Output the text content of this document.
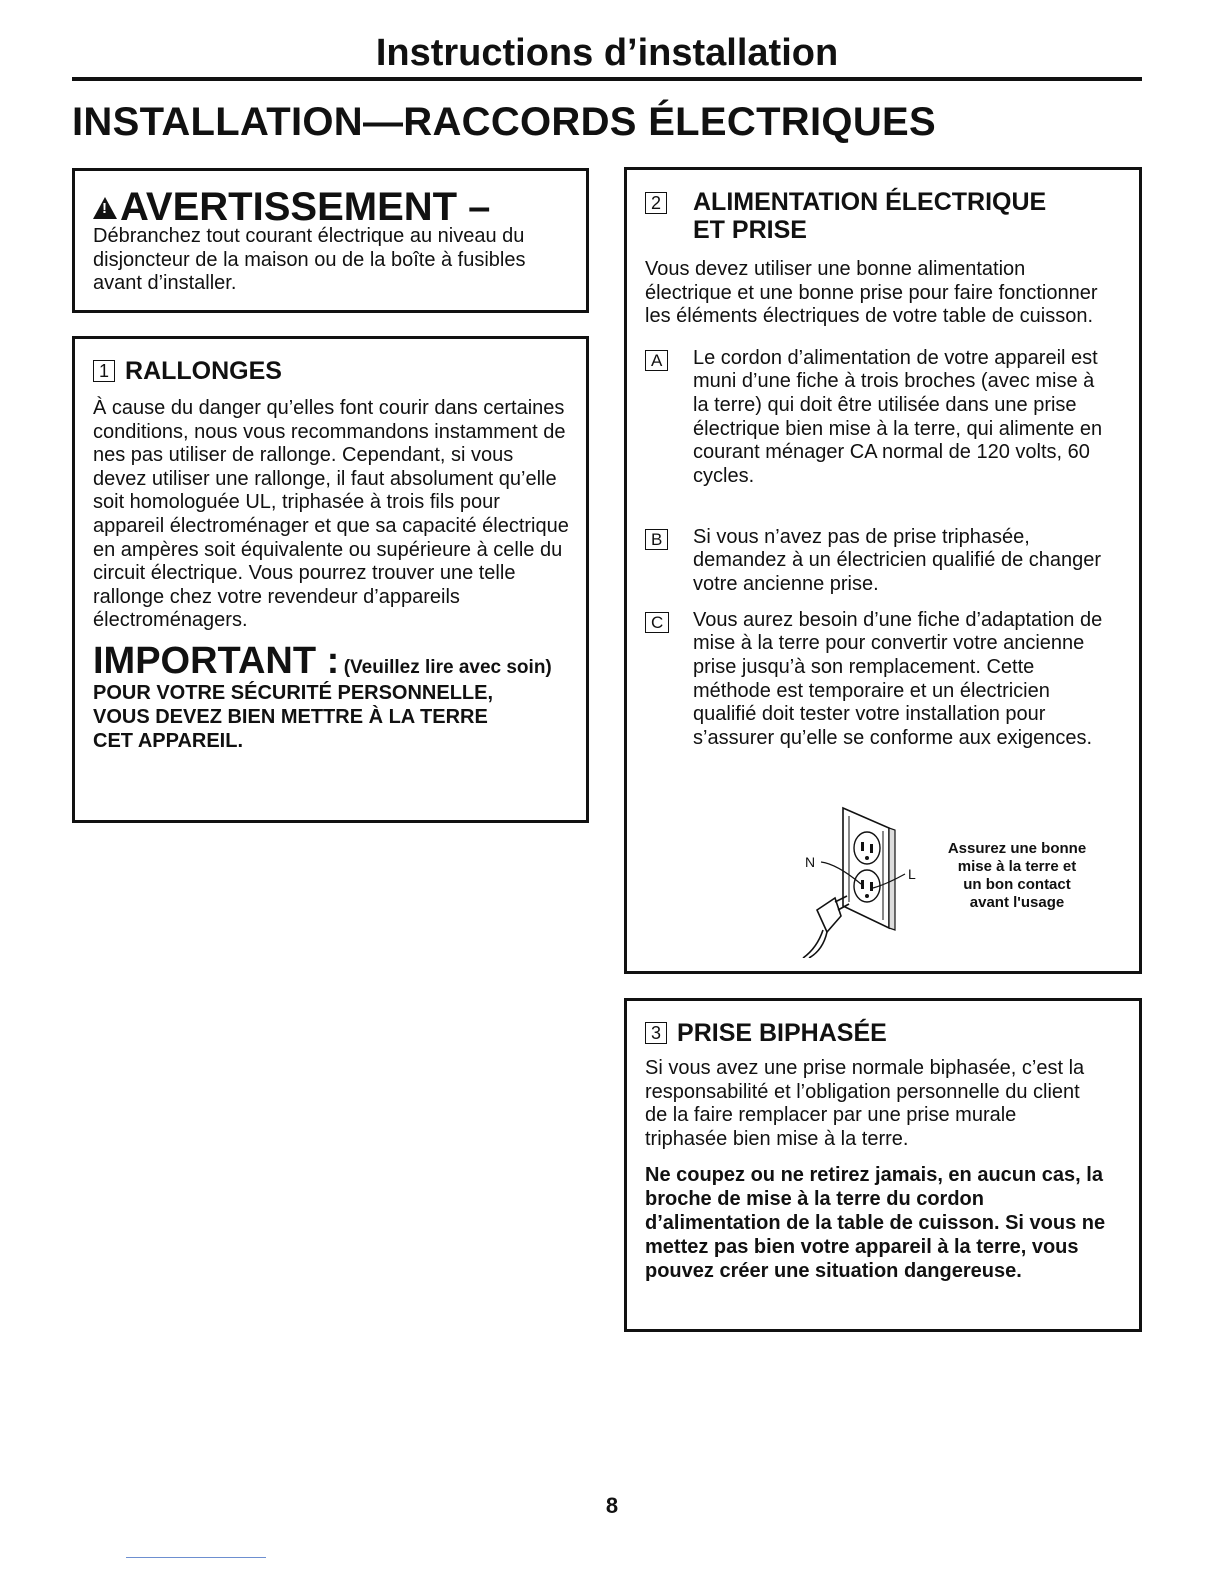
Instructions d’installation
INSTALLATION—RACCORDS ÉLECTRIQUES
!AVERTISSEMENT –
Débranchez tout courant électrique au niveau du disjoncteur de la maison ou de la boîte à fusibles avant d’installer.
1 RALLONGES
À cause du danger qu’elles font courir dans certaines conditions, nous vous recommandons instamment de nes pas utiliser de rallonge. Cependant, si vous devez utiliser une rallonge, il faut absolument qu’elle soit homologuée UL, triphasée à trois fils pour appareil électroménager et que sa capacité électrique en ampères soit équivalente ou supérieure à celle du circuit électrique. Vous pourrez trouver une telle rallonge chez votre revendeur d’appareils électroménagers.
IMPORTANT : (Veuillez lire avec soin)
POUR VOTRE SÉCURITÉ PERSONNELLE, VOUS DEVEZ BIEN METTRE À LA TERRE CET APPAREIL.
2 ALIMENTATION ÉLECTRIQUE
ET PRISE
Vous devez utiliser une bonne alimentation électrique et une bonne prise pour faire fonctionner les éléments électriques de votre table de cuisson.
A	Le cordon d’alimentation de votre appareil est muni d’une fiche à trois broches (avec mise à la terre) qui doit être utilisée dans une prise électrique bien mise à la terre, qui alimente en courant ménager CA normal de 120 volts, 60 cycles.
B	Si vous n’avez pas de prise triphasée, demandez à un électricien qualifié de changer votre ancienne prise.
C	Vous aurez besoin d’une fiche d’adaptation de mise à la terre pour convertir votre ancienne prise jusqu’à son remplacement. Cette méthode est temporaire et un électricien qualifié doit tester votre installation pour s’assurer qu’elle se conforme aux exigences.
N
L
Assurez une bonne mise à la terre et un bon contact avant l'usage
3 PRISE BIPHASÉE
Si vous avez une prise normale biphasée, c’est la responsabilité et l’obligation personnelle du client de la faire remplacer par une prise murale triphasée bien mise à la terre.
Ne coupez ou ne retirez jamais, en aucun cas, la broche de mise à la terre du cordon d’alimentation de la table de cuisson. Si vous ne mettez pas bien votre appareil à la terre, vous pouvez créer une situation dangereuse.
8
